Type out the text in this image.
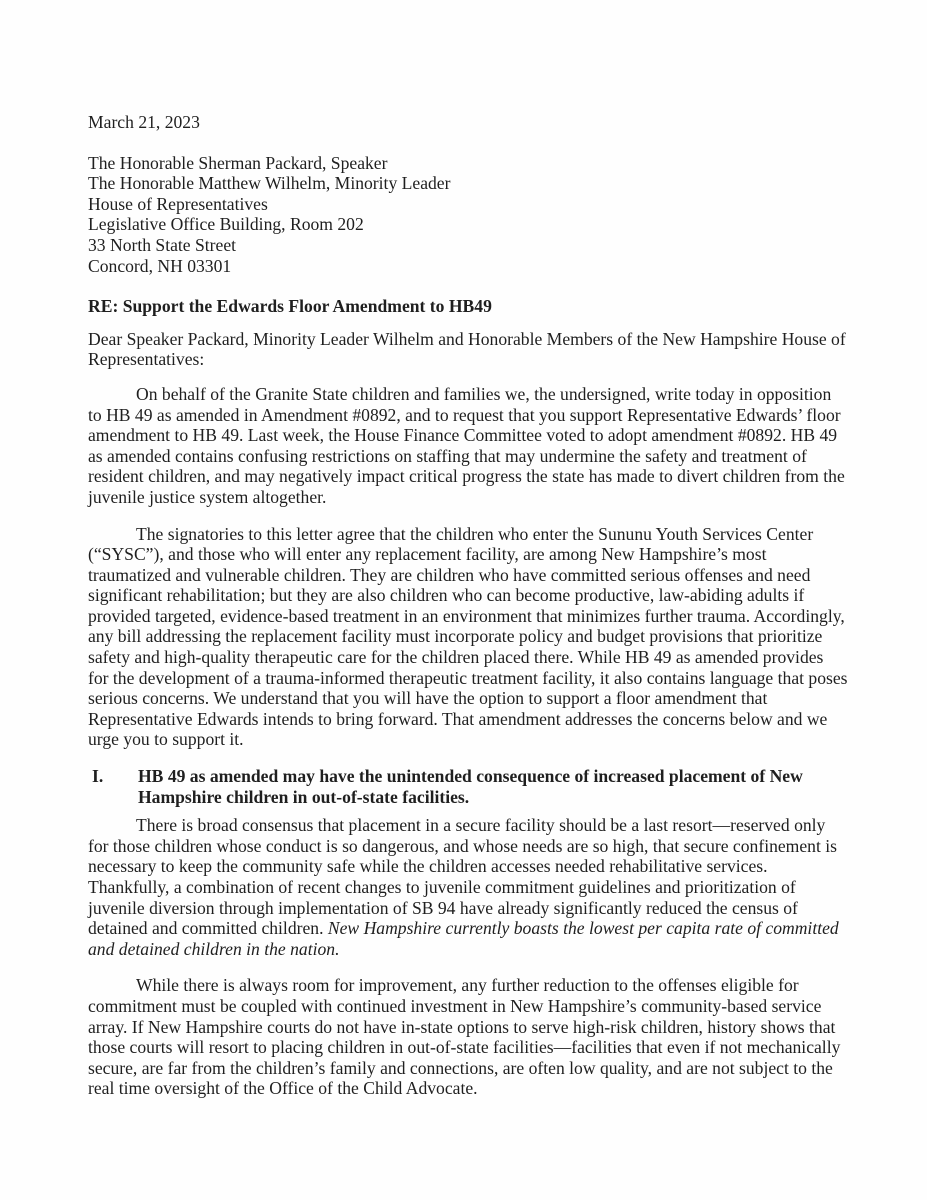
March 21, 2023

The Honorable Sherman Packard, Speaker
The Honorable Matthew Wilhelm, Minority Leader
House of Representatives
Legislative Office Building, Room 202
33 North State Street
Concord, NH 03301

RE: Support the Edwards Floor Amendment to HB49

Dear Speaker Packard, Minority Leader Wilhelm and Honorable Members of the New Hampshire House of Representatives:

On behalf of the Granite State children and families we, the undersigned, write today in opposition to HB 49 as amended in Amendment #0892, and to request that you support Representative Edwards’ floor amendment to HB 49. Last week, the House Finance Committee voted to adopt amendment #0892. HB 49 as amended contains confusing restrictions on staffing that may undermine the safety and treatment of resident children, and may negatively impact critical progress the state has made to divert children from the juvenile justice system altogether.

The signatories to this letter agree that the children who enter the Sununu Youth Services Center (“SYSC”), and those who will enter any replacement facility, are among New Hampshire’s most traumatized and vulnerable children. They are children who have committed serious offenses and need significant rehabilitation; but they are also children who can become productive, law-abiding adults if provided targeted, evidence-based treatment in an environment that minimizes further trauma. Accordingly, any bill addressing the replacement facility must incorporate policy and budget provisions that prioritize safety and high-quality therapeutic care for the children placed there. While HB 49 as amended provides for the development of a trauma-informed therapeutic treatment facility, it also contains language that poses serious concerns. We understand that you will have the option to support a floor amendment that Representative Edwards intends to bring forward. That amendment addresses the concerns below and we urge you to support it.

I.	HB 49 as amended may have the unintended consequence of increased placement of New Hampshire children in out-of-state facilities.

There is broad consensus that placement in a secure facility should be a last resort—reserved only for those children whose conduct is so dangerous, and whose needs are so high, that secure confinement is necessary to keep the community safe while the children accesses needed rehabilitative services. Thankfully, a combination of recent changes to juvenile commitment guidelines and prioritization of juvenile diversion through implementation of SB 94 have already significantly reduced the census of detained and committed children. New Hampshire currently boasts the lowest per capita rate of committed and detained children in the nation.

While there is always room for improvement, any further reduction to the offenses eligible for commitment must be coupled with continued investment in New Hampshire’s community-based service array. If New Hampshire courts do not have in-state options to serve high-risk children, history shows that those courts will resort to placing children in out-of-state facilities—facilities that even if not mechanically secure, are far from the children’s family and connections, are often low quality, and are not subject to the real time oversight of the Office of the Child Advocate.
